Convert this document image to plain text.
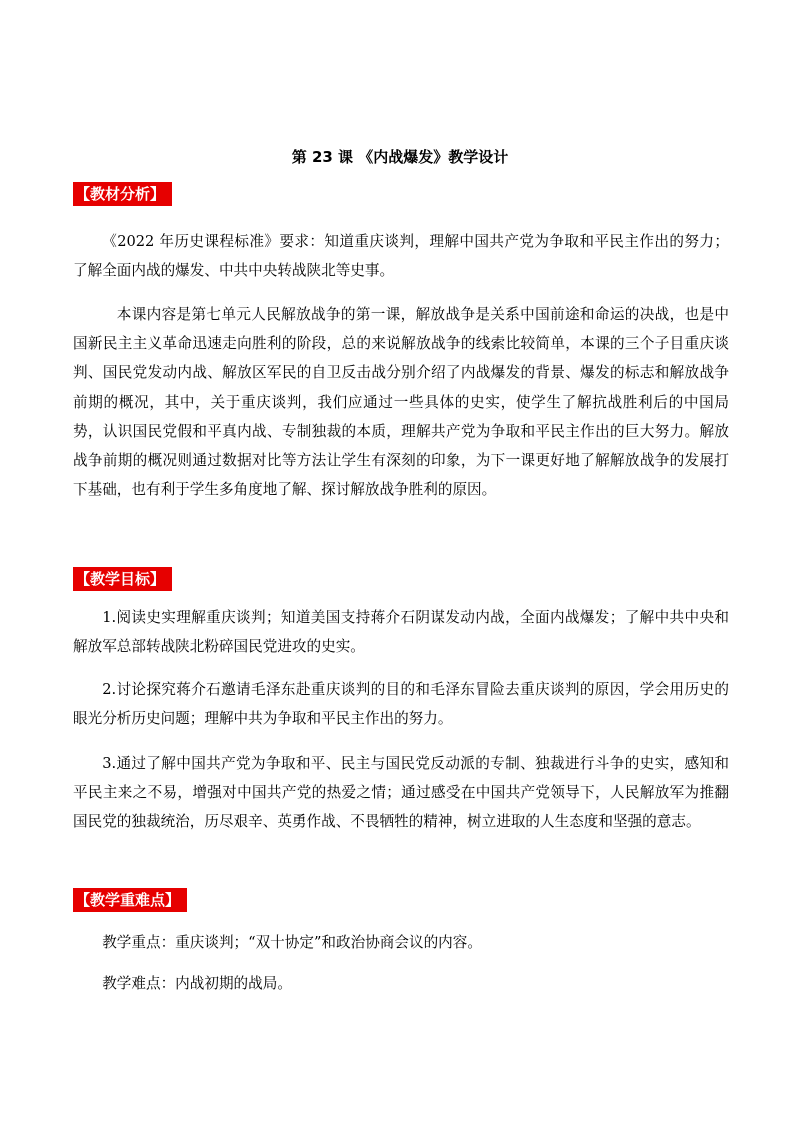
第 23 课 《内战爆发》教学设计
【教材分析】

《2022 年历史课程标准》要求：知道重庆谈判，理解中国共产党为争取和平民主作出的努力； 了解全面内战的爆发、中共中央转战陕北等史事。

本课内容是第七单元人民解放战争的第一课，解放战争是关系中国前途和命运的决战，也是中国新民主主义革命迅速走向胜利的阶段，总的来说解放战争的线索比较简单，本课的三个子目重庆谈判、国民党发动内战、解放区军民的自卫反击战分别介绍了内战爆发的背景、爆发的标志和解放战争前期的概况，其中，关于重庆谈判，我们应通过一些具体的史实，使学生了解抗战胜利后的中国局势，认识国民党假和平真内战、专制独裁的本质，理解共产党为争取和平民主作出的巨大努力。解放战争前期的概况则通过数据对比等方法让学生有深刻的印象，为下一课更好地了解解放战争的发展打下基础，也有利于学生多角度地了解、探讨解放战争胜利的原因。

【教学目标】

1.阅读史实理解重庆谈判；知道美国支持蒋介石阴谋发动内战，全面内战爆发；了解中共中央和解放军总部转战陕北粉碎国民党进攻的史实。

2.讨论探究蒋介石邀请毛泽东赴重庆谈判的目的和毛泽东冒险去重庆谈判的原因，学会用历史的眼光分析历史问题；理解中共为争取和平民主作出的努力。

3.通过了解中国共产党为争取和平、民主与国民党反动派的专制、独裁进行斗争的史实，感知和平民主来之不易，增强对中国共产党的热爱之情；通过感受在中国共产党领导下，人民解放军为推翻国民党的独裁统治，历尽艰辛、英勇作战、不畏牺牲的精神，树立进取的人生态度和坚强的意志。

【教学重难点】

教学重点：重庆谈判；“双十协定”和政治协商会议的内容。

教学难点：内战初期的战局。
